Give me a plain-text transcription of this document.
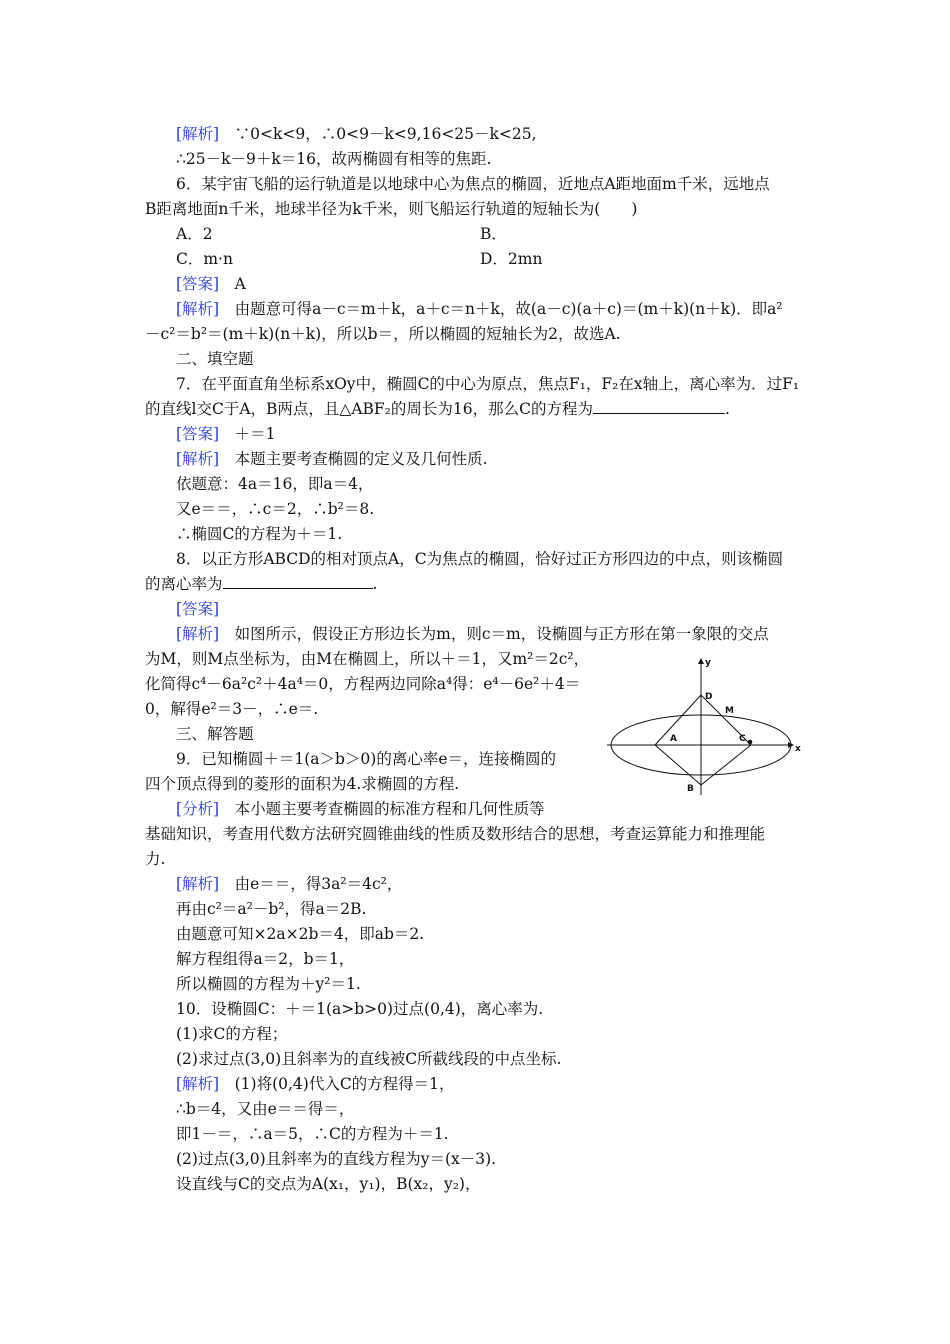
[解析]　 ∵0<k<9，∴0<9－k<9,16<25－k<25,
∴25－k－9＋k＝16，故两椭圆有相等的焦距.
6．某宇宙飞船的运行轨道是以地球中心为焦点的椭圆，近地点A距地面m千米，远地点
B距离地面n千米，地球半径为k千米，则飞船运行轨道的短轴长为(　　)
A．2	B．
C．m·n	D．2mn
[答案]　 A
[解析]　 由题意可得a－c＝m＋k，a＋c＝n＋k，故(a－c)(a＋c)＝(m＋k)(n＋k)．即a²
－c²＝b²＝(m＋k)(n＋k)，所以b＝，所以椭圆的短轴长为2，故选A.
二、填空题
7．在平面直角坐标系xOy中，椭圆C的中心为原点，焦点F₁，F₂在x轴上，离心率为．过F₁
的直线l交C于A，B两点，且△ABF₂的周长为16，那么C的方程为	.
[答案]　 ＋＝1
[解析]　 本题主要考查椭圆的定义及几何性质.
依题意：4a＝16，即a＝4，
又e＝＝，∴c＝2，∴b²＝8.
∴椭圆C的方程为＋＝1.
8．以正方形ABCD的相对顶点A，C为焦点的椭圆，恰好过正方形四边的中点，则该椭圆
的离心率为	.
[答案]
[解析]　 如图所示，假设正方形边长为m，则c＝m，设椭圆与正方形在第一象限的交点
为M，则M点坐标为，由M在椭圆上，所以＋＝1，又m²＝2c²，
化简得c⁴－6a²c²＋4a⁴＝0，方程两边同除a⁴得：e⁴－6e²＋4＝
0，解得e²＝3－，∴e＝.
三、解答题
9．已知椭圆＋＝1(a＞b＞0)的离心率e＝，连接椭圆的
四个顶点得到的菱形的面积为4.求椭圆的方程.
[分析]　 本小题主要考查椭圆的标准方程和几何性质等
基础知识，考查用代数方法研究圆锥曲线的性质及数形结合的思想，考查运算能力和推理能
力.
[解析]　 由e＝＝，得3a²＝4c²，
再由c²＝a²－b²，得a＝2B.
由题意可知×2a×2b＝4，即ab＝2.
解方程组得a＝2，b＝1，
所以椭圆的方程为＋y²＝1.
10．设椭圆C：＋＝1(a>b>0)过点(0,4)，离心率为.
(1)求C的方程；
(2)求过点(3,0)且斜率为的直线被C所截线段的中点坐标.
[解析]　 (1)将(0,4)代入C的方程得＝1，
∴b＝4，又由e＝＝得＝，
即1－＝，∴a＝5，∴C的方程为＋＝1.
(2)过点(3,0)且斜率为的直线方程为y＝(x－3).
设直线与C的交点为A(x₁，y₁)，B(x₂，y₂)，
y
x
D
M
A	C
B
